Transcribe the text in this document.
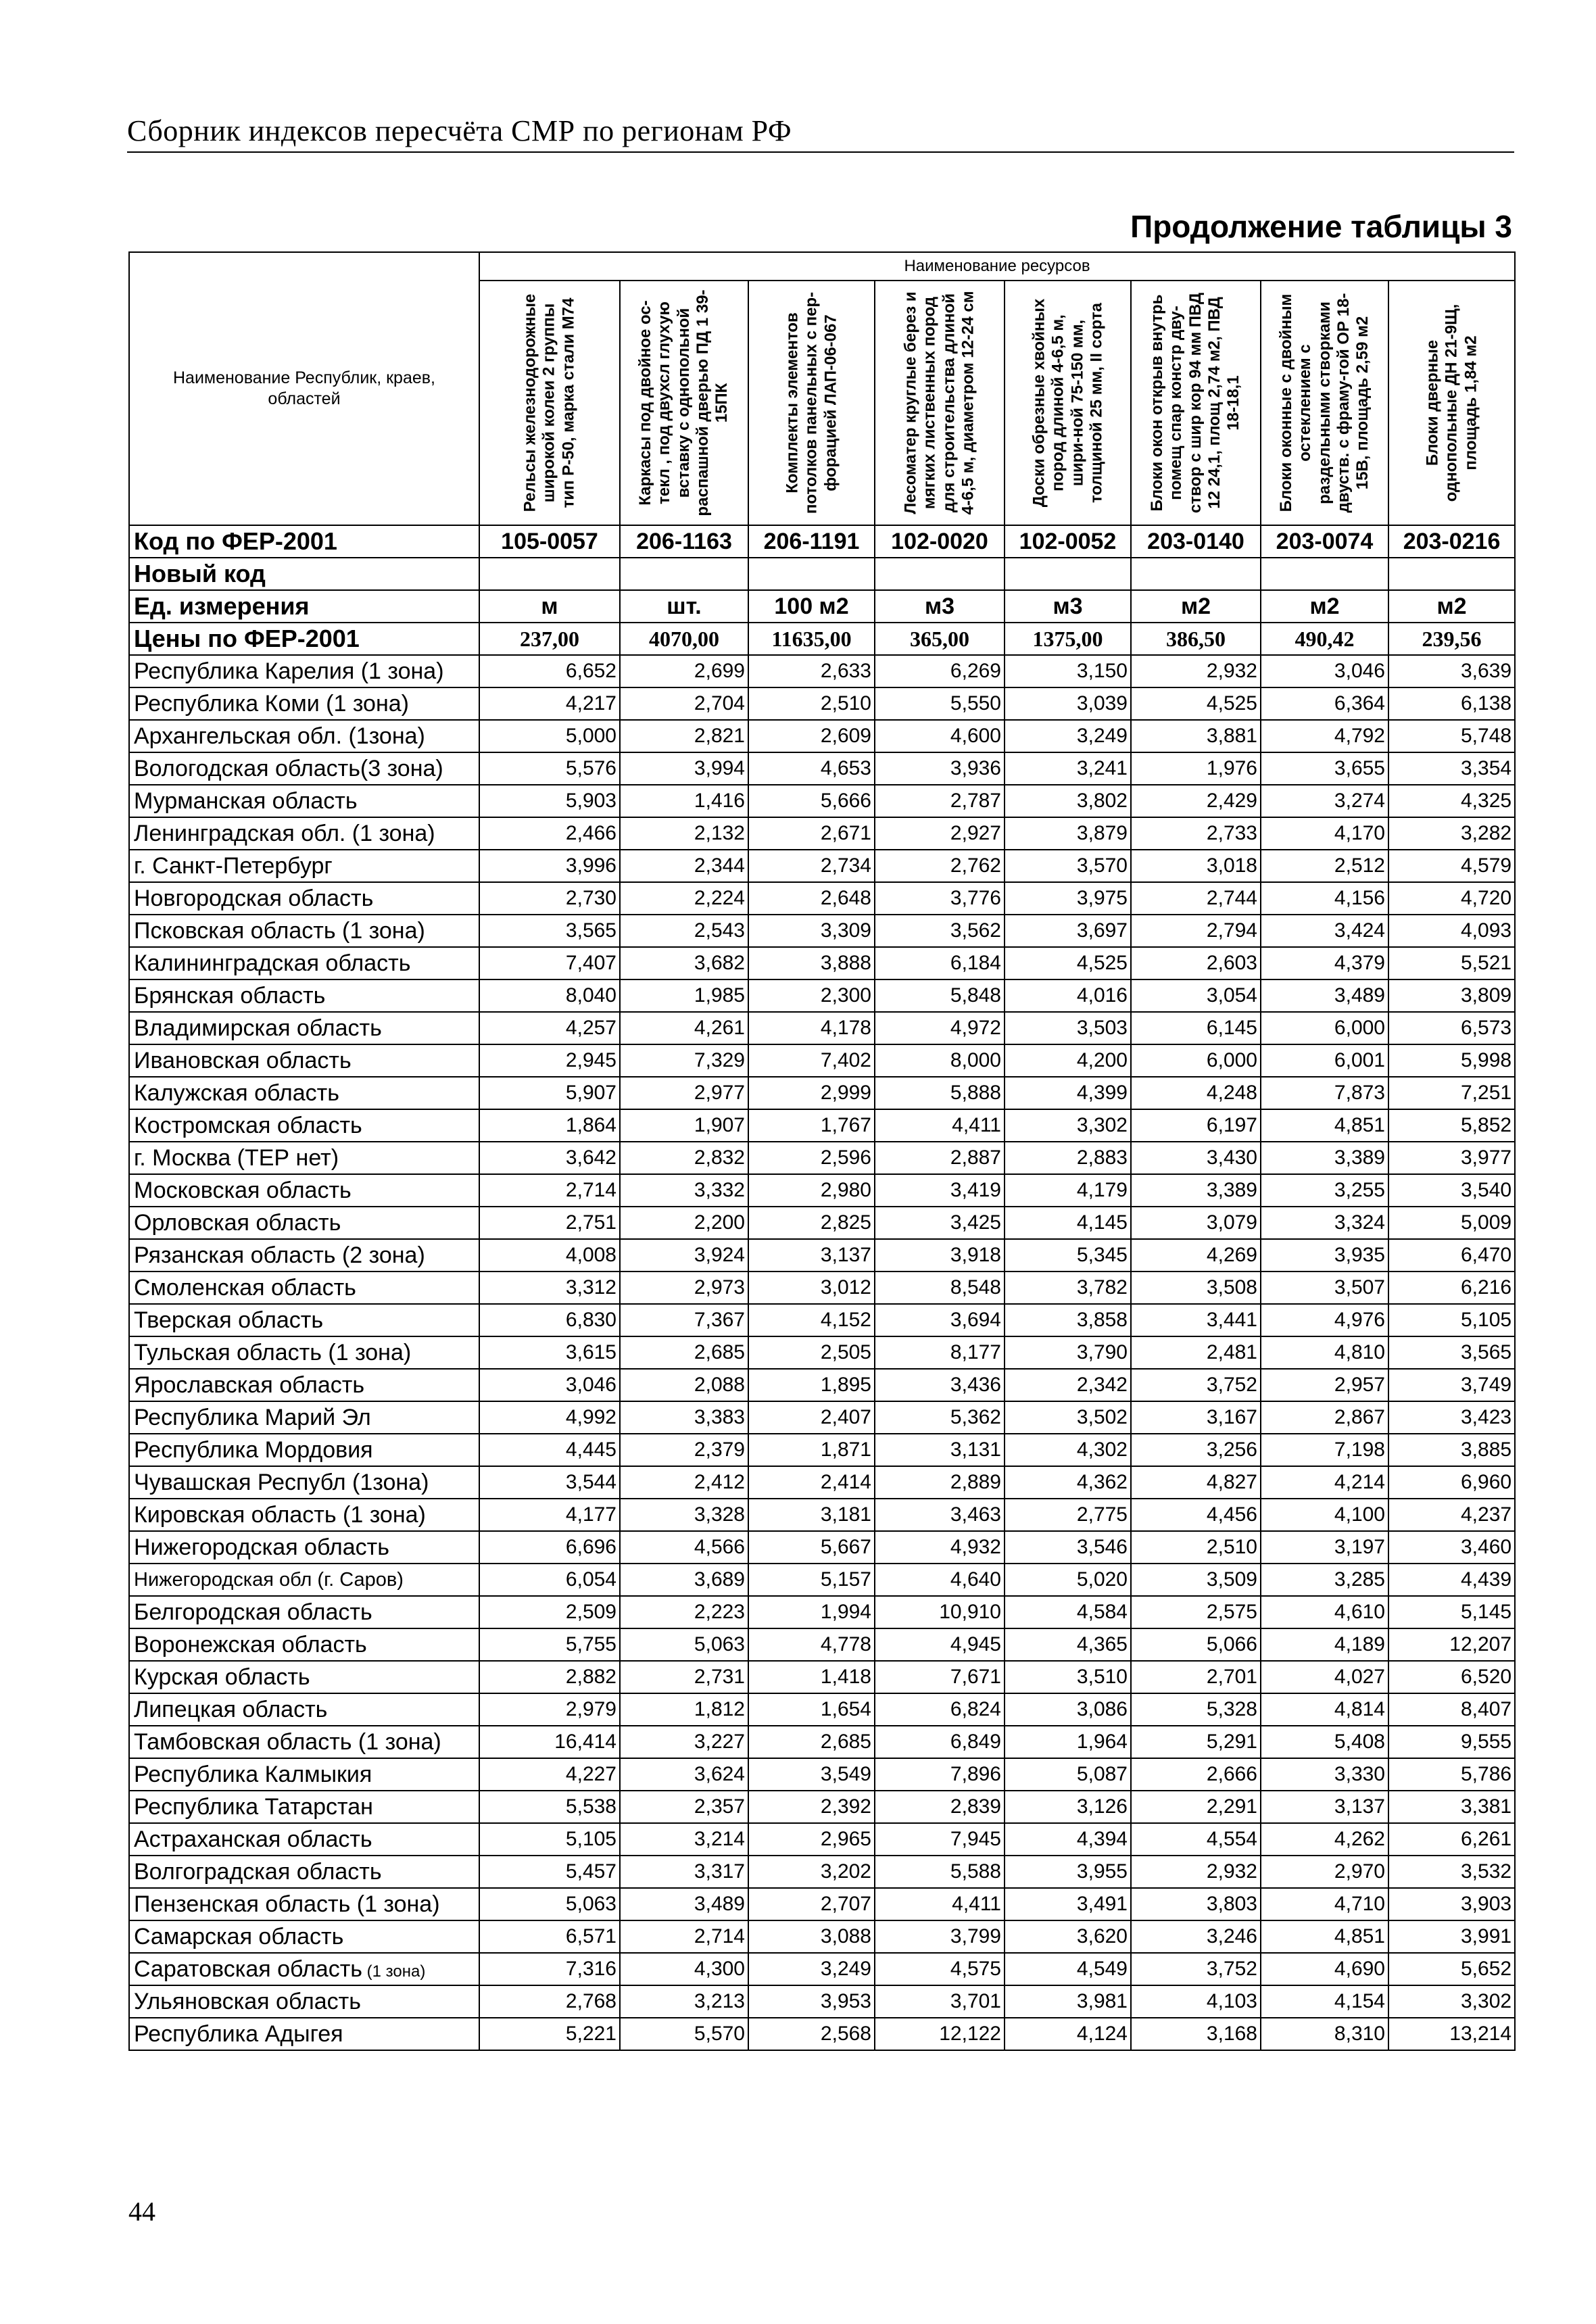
Сборник индексов пересчёта СМР по регионам РФ
Продолжение таблицы 3
Наименование Республик, краев, областей	Наименование ресурсов							

	Рельсы железнодорожные широкой колеи 2 группы тип Р-50, марка стали М74	Каркасы под двойное ос-текл , под двухсл глухую вставку с однопольной распашной дверью ПД 1 39-15ПК	Комплекты элементов потолков панельных с пер-форацией ЛАП-06-067	Лесоматер круглые берез и мягких лиственных пород для строительства длиной 4-6,5 м, диаметром 12-24 см	Доски обрезные хвойных пород длиной 4-6,5 м, шири-ной 75-150 мм, толщиной 25 мм, II сорта	Блоки окон открыв внутрь помещ спар констр дву-створ с шир кор 94 мм ПВД 12 24,1, площ 2,74 м2, ПВД 18-18,1	Блоки оконные с двойным остеклением с раздельными створками двуств. с фраму-гой ОР 18-15В, площадь 2,59 м2	Блоки дверные однопольные ДН 21-9Щ, площадь 1,84 м2

Код по ФЕР-2001	105-0057	206-1163	206-1191	102-0020	102-0052	203-0140	203-0074	203-0216
Новый код								
Ед. измерения	м	шт.	100 м2	м3	м3	м2	м2	м2
Цены по ФЕР-2001	237,00	4070,00	11635,00	365,00	1375,00	386,50	490,42	239,56
Республика Карелия (1 зона)	6,652	2,699	2,633	6,269	3,150	2,932	3,046	3,639
Республика Коми (1 зона)	4,217	2,704	2,510	5,550	3,039	4,525	6,364	6,138
Архангельская обл. (1зона)	5,000	2,821	2,609	4,600	3,249	3,881	4,792	5,748
Вологодская область(3 зона)	5,576	3,994	4,653	3,936	3,241	1,976	3,655	3,354
Мурманская область	5,903	1,416	5,666	2,787	3,802	2,429	3,274	4,325
Ленинградская обл. (1 зона)	2,466	2,132	2,671	2,927	3,879	2,733	4,170	3,282
г. Санкт-Петербург	3,996	2,344	2,734	2,762	3,570	3,018	2,512	4,579
Новгородская область	2,730	2,224	2,648	3,776	3,975	2,744	4,156	4,720
Псковская область (1 зона)	3,565	2,543	3,309	3,562	3,697	2,794	3,424	4,093
Калининградская область	7,407	3,682	3,888	6,184	4,525	2,603	4,379	5,521
Брянская область	8,040	1,985	2,300	5,848	4,016	3,054	3,489	3,809
Владимирская область	4,257	4,261	4,178	4,972	3,503	6,145	6,000	6,573
Ивановская область	2,945	7,329	7,402	8,000	4,200	6,000	6,001	5,998
Калужская область	5,907	2,977	2,999	5,888	4,399	4,248	7,873	7,251
Костромская область	1,864	1,907	1,767	4,411	3,302	6,197	4,851	5,852
г. Москва (ТЕР нет)	3,642	2,832	2,596	2,887	2,883	3,430	3,389	3,977
Московская область	2,714	3,332	2,980	3,419	4,179	3,389	3,255	3,540
Орловская область	2,751	2,200	2,825	3,425	4,145	3,079	3,324	5,009
Рязанская область (2 зона)	4,008	3,924	3,137	3,918	5,345	4,269	3,935	6,470
Смоленская область	3,312	2,973	3,012	8,548	3,782	3,508	3,507	6,216
Тверская область	6,830	7,367	4,152	3,694	3,858	3,441	4,976	5,105
Тульская область (1 зона)	3,615	2,685	2,505	8,177	3,790	2,481	4,810	3,565
Ярославская область	3,046	2,088	1,895	3,436	2,342	3,752	2,957	3,749
Республика Марий Эл	4,992	3,383	2,407	5,362	3,502	3,167	2,867	3,423
Республика Мордовия	4,445	2,379	1,871	3,131	4,302	3,256	7,198	3,885
Чувашская Республ (1зона)	3,544	2,412	2,414	2,889	4,362	4,827	4,214	6,960
Кировская область (1 зона)	4,177	3,328	3,181	3,463	2,775	4,456	4,100	4,237
Нижегородская область	6,696	4,566	5,667	4,932	3,546	2,510	3,197	3,460
Нижегородская обл (г. Саров)	6,054	3,689	5,157	4,640	5,020	3,509	3,285	4,439
Белгородская область	2,509	2,223	1,994	10,910	4,584	2,575	4,610	5,145
Воронежская область	5,755	5,063	4,778	4,945	4,365	5,066	4,189	12,207
Курская область	2,882	2,731	1,418	7,671	3,510	2,701	4,027	6,520
Липецкая область	2,979	1,812	1,654	6,824	3,086	5,328	4,814	8,407
Тамбовская область (1 зона)	16,414	3,227	2,685	6,849	1,964	5,291	5,408	9,555
Республика Калмыкия	4,227	3,624	3,549	7,896	5,087	2,666	3,330	5,786
Республика Татарстан	5,538	2,357	2,392	2,839	3,126	2,291	3,137	3,381
Астраханская область	5,105	3,214	2,965	7,945	4,394	4,554	4,262	6,261
Волгоградская область	5,457	3,317	3,202	5,588	3,955	2,932	2,970	3,532
Пензенская область (1 зона)	5,063	3,489	2,707	4,411	3,491	3,803	4,710	3,903
Самарская область	6,571	2,714	3,088	3,799	3,620	3,246	4,851	3,991
Саратовская область (1 зона)	7,316	4,300	3,249	4,575	4,549	3,752	4,690	5,652
Ульяновская область	2,768	3,213	3,953	3,701	3,981	4,103	4,154	3,302
Республика Адыгея	5,221	5,570	2,568	12,122	4,124	3,168	8,310	13,214
44
